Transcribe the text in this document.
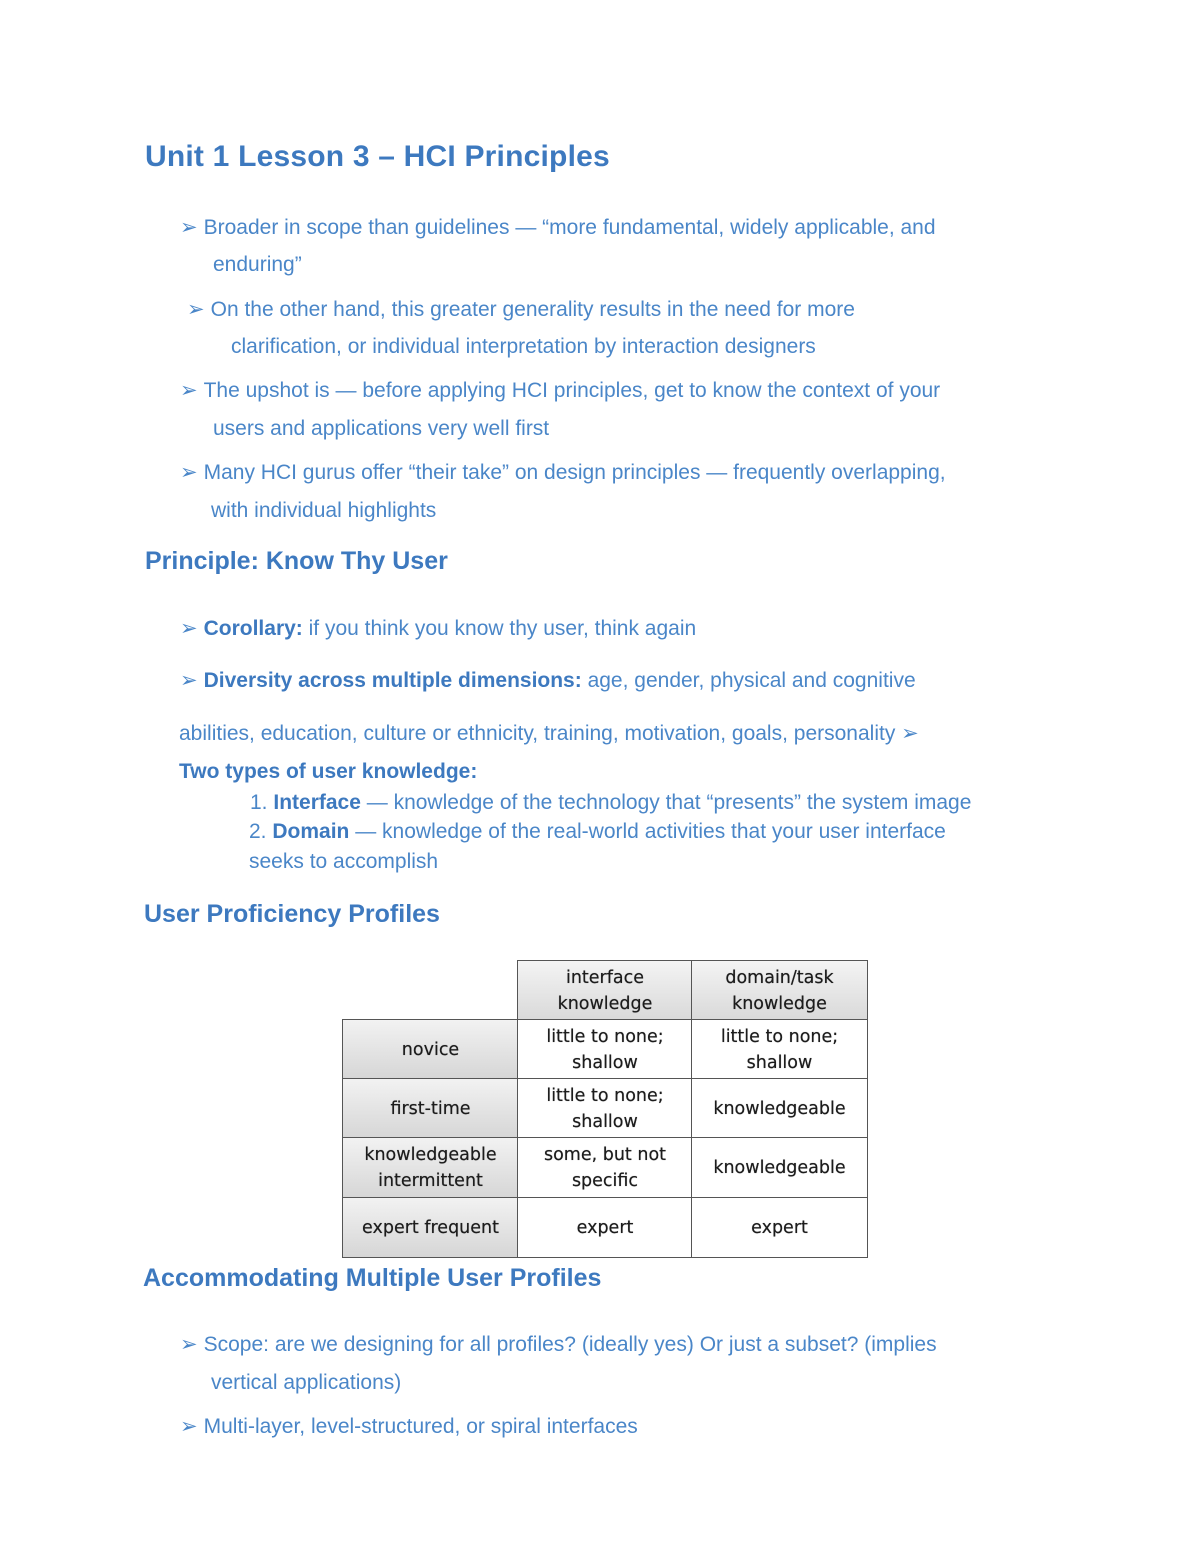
Unit 1 Lesson 3 – HCI Principles
➢ Broader in scope than guidelines — “more fundamental, widely applicable, and
enduring”
➢ On the other hand, this greater generality results in the need for more
clarification, or individual interpretation by interaction designers
➢ The upshot is — before applying HCI principles, get to know the context of your
users and applications very well first
➢ Many HCI gurus offer “their take” on design principles — frequently overlapping,
with individual highlights
Principle: Know Thy User
➢ Corollary: if you think you know thy user, think again
➢ Diversity across multiple dimensions: age, gender, physical and cognitive
abilities, education, culture or ethnicity, training, motivation, goals, personality ➢
Two types of user knowledge:
1. Interface — knowledge of the technology that “presents” the system image
2. Domain — knowledge of the real-world activities that your user interface
seeks to accomplish
User Proficiency Profiles
interface
knowledge
domain/task
knowledge
novice
little to none;
shallow
little to none;
shallow
first-time
little to none;
shallow
knowledgeable
knowledgeable
intermittent
some, but not
specific
knowledgeable
expert frequent	expert	expert
Accommodating Multiple User Profiles
➢ Scope: are we designing for all profiles? (ideally yes) Or just a subset? (implies
vertical applications)
➢ Multi-layer, level-structured, or spiral interfaces
